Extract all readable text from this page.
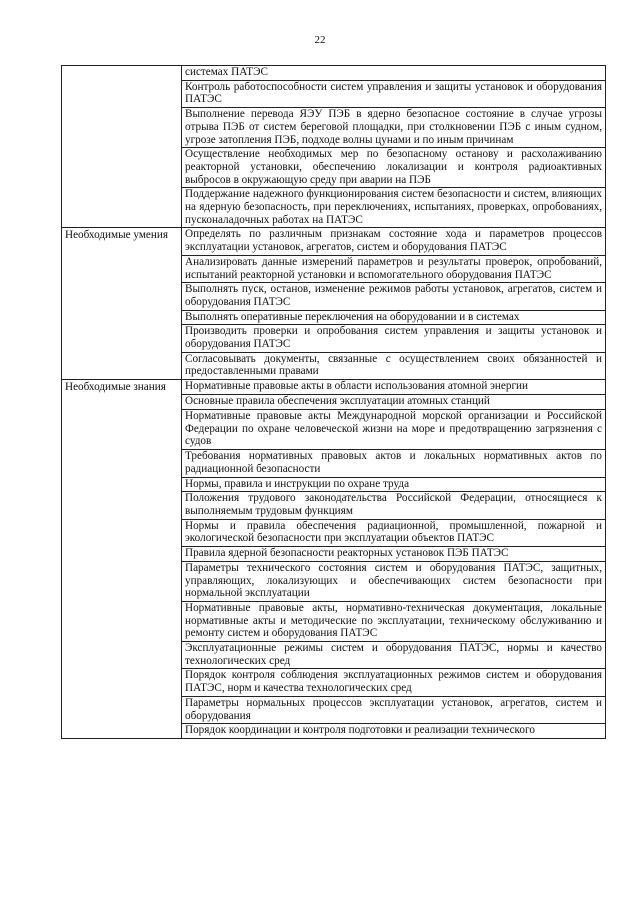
22
	системах ПАТЭС
	Контроль работоспособности систем управления и защиты установок и оборудования ПАТЭС
	Выполнение перевода ЯЭУ ПЭБ в ядерно безопасное состояние в случае угрозы отрыва ПЭБ от систем береговой площадки, при столкновении ПЭБ с иным судном, угрозе затопления ПЭБ, подходе волны цунами и по иным причинам
	Осуществление необходимых мер по безопасному останову и расхолаживанию реакторной установки, обеспечению локализации и контроля радиоактивных выбросов в окружающую среду при аварии на ПЭБ
	Поддержание надежного функционирования систем безопасности и систем, влияющих на ядерную безопасность, при переключениях, испытаниях, проверках, опробованиях, пусконаладочных работах на ПАТЭС
Необходимые умения	Определять по различным признакам состояние хода и параметров процессов эксплуатации установок, агрегатов, систем и оборудования ПАТЭС
	Анализировать данные измерений параметров и результаты проверок, опробований, испытаний реакторной установки и вспомогательного оборудования ПАТЭС
	Выполнять пуск, останов, изменение режимов работы установок, агрегатов, систем и оборудования ПАТЭС
	Выполнять оперативные переключения на оборудовании и в системах
	Производить проверки и опробования систем управления и защиты установок и оборудования ПАТЭС
	Согласовывать документы, связанные с осуществлением своих обязанностей и предоставленными правами
Необходимые знания	Нормативные правовые акты в области использования атомной энергии
	Основные правила обеспечения эксплуатации атомных станций
	Нормативные правовые акты Международной морской организации и Российской Федерации по охране человеческой жизни на море и предотвращению загрязнения с судов
	Требования нормативных правовых актов и локальных нормативных актов по радиационной безопасности
	Нормы, правила и инструкции по охране труда
	Положения трудового законодательства Российской Федерации, относящиеся к выполняемым трудовым функциям
	Нормы и правила обеспечения радиационной, промышленной, пожарной и экологической безопасности при эксплуатации объектов ПАТЭС
	Правила ядерной безопасности реакторных установок ПЭБ ПАТЭС
	Параметры технического состояния систем и оборудования ПАТЭС, защитных, управляющих, локализующих и обеспечивающих систем безопасности при нормальной эксплуатации
	Нормативные правовые акты, нормативно-техническая документация, локальные нормативные акты и методические по эксплуатации, техническому обслуживанию и ремонту систем и оборудования ПАТЭС
	Эксплуатационные режимы систем и оборудования ПАТЭС, нормы и качество технологических сред
	Порядок контроля соблюдения эксплуатационных режимов систем и оборудования ПАТЭС, норм и качества технологических сред
	Параметры нормальных процессов эксплуатации установок, агрегатов, систем и оборудования
	Порядок координации и контроля подготовки и реализации технического
